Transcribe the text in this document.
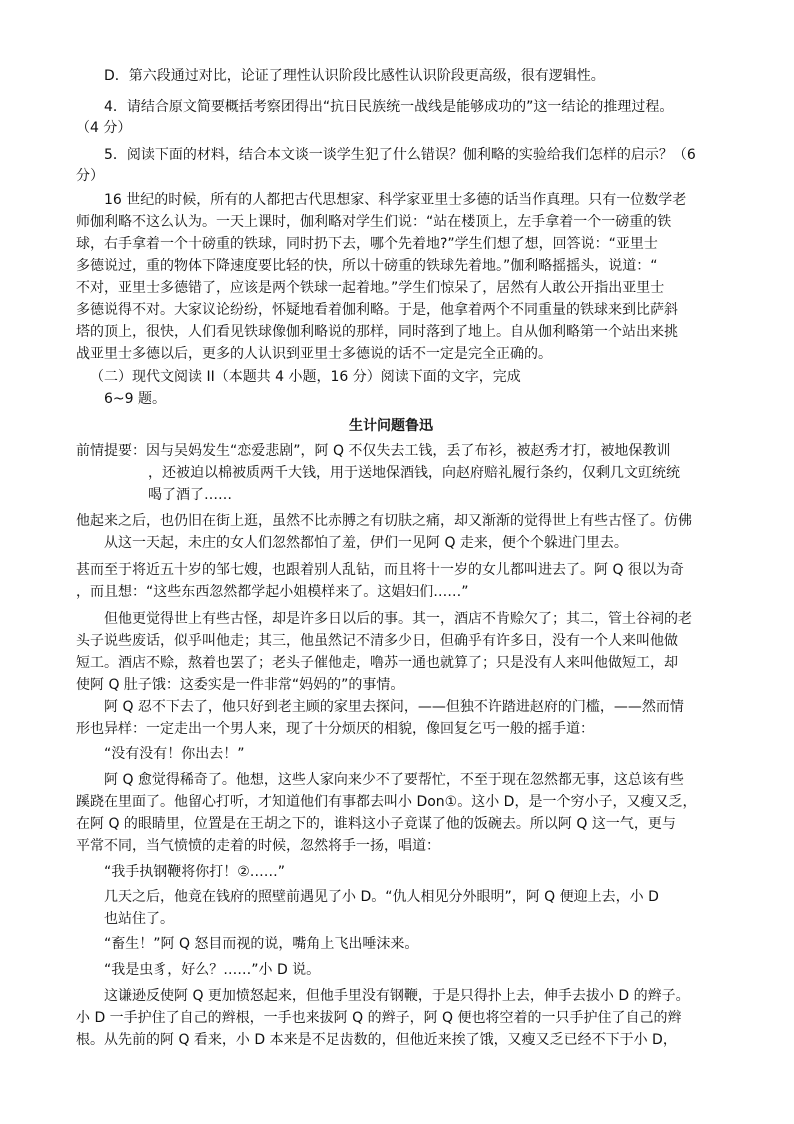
D．第六段通过对比，论证了理性认识阶段比感性认识阶段更高级，很有逻辑性。

4．请结合原文简要概括考察团得出“抗日民族统一战线是能够成功的”这一结论的推理过程。

（4 分）

5．阅读下面的材料，结合本文谈一谈学生犯了什么错误？伽利略的实验给我们怎样的启示？（6

分）

16 世纪的时候，所有的人都把古代思想家、科学家亚里士多德的话当作真理。只有一位数学老

师伽利略不这么认为。一天上课时，伽利略对学生们说：“站在楼顶上，左手拿着一个一磅重的铁

球，右手拿着一个十磅重的铁球，同时扔下去，哪个先着地?”学生们想了想，回答说：“亚里士

多德说过，重的物体下降速度要比轻的快，所以十磅重的铁球先着地。”伽利略摇摇头，说道：“

不对，亚里士多德错了，应该是两个铁球一起着地。”学生们惊呆了，居然有人敢公开指出亚里士

多德说得不对。大家议论纷纷，怀疑地看着伽利略。于是，他拿着两个不同重量的铁球来到比萨斜

塔的顶上，很快，人们看见铁球像伽利略说的那样，同时落到了地上。自从伽利略第一个站出来挑

战亚里士多德以后，更多的人认识到亚里士多德说的话不一定是完全正确的。

（二）现代文阅读 II（本题共 4 小题，16 分）阅读下面的文字，完成

6~9 题。

生计问题鲁迅

前情提要：因与吴妈发生“恋爱悲剧”，阿 Q 不仅失去工钱，丢了布衫，被赵秀才打，被地保教训

，还被迫以棉被质两千大钱，用于送地保酒钱，向赵府赔礼履行条约，仅剩几文豇统统

喝了酒了……

他起来之后，也仍旧在街上逛，虽然不比赤膊之有切肤之痛，却又渐渐的觉得世上有些古怪了。仿佛

从这一天起，未庄的女人们忽然都怕了羞，伊们一见阿 Q 走来，便个个躲进门里去。

甚而至于将近五十岁的邹七嫂，也跟着别人乱钻，而且将十一岁的女儿都叫进去了。阿 Q 很以为奇

，而且想：“这些东西忽然都学起小姐模样来了。这娼妇们……”

但他更觉得世上有些古怪，却是许多日以后的事。其一，酒店不肯赊欠了；其二，管土谷祠的老

头子说些废话，似乎叫他走；其三，他虽然记不清多少日，但确乎有许多日，没有一个人来叫他做

短工。酒店不赊，熬着也罢了；老头子催他走，噜苏一通也就算了；只是没有人来叫他做短工，却

使阿 Q 肚子饿：这委实是一件非常“妈妈的”的事情。

阿 Q 忍不下去了，他只好到老主顾的家里去探问，——但独不许踏进赵府的门槛，——然而情

形也异样：一定走出一个男人来，现了十分烦厌的相貌，像回复乞丐一般的摇手道：

“没有没有！你出去！”

阿 Q 愈觉得稀奇了。他想，这些人家向来少不了要帮忙，不至于现在忽然都无事，这总该有些

蹊跷在里面了。他留心打听，才知道他们有事都去叫小 Don①。这小 D，是一个穷小子，又瘦又乏，

在阿 Q 的眼睛里，位置是在王胡之下的，谁料这小子竟谋了他的饭碗去。所以阿 Q 这一气，更与

平常不同，当气愤愤的走着的时候，忽然将手一扬，唱道：

“我手执钢鞭将你打！②……”

几天之后，他竟在钱府的照壁前遇见了小 D。“仇人相见分外眼明”，阿 Q 便迎上去，小 D

也站住了。

“畜生！”阿 Q 怒目而视的说，嘴角上飞出唾沫来。

“我是虫豸，好么？……”小 D 说。

这谦逊反使阿 Q 更加愤怒起来，但他手里没有钢鞭，于是只得扑上去，伸手去拔小 D 的辫子。

小 D 一手护住了自己的辫根，一手也来拔阿 Q 的辫子，阿 Q 便也将空着的一只手护住了自己的辫

根。从先前的阿 Q 看来，小 D 本来是不足齿数的，但他近来挨了饿，又瘦又乏已经不下于小 D，
